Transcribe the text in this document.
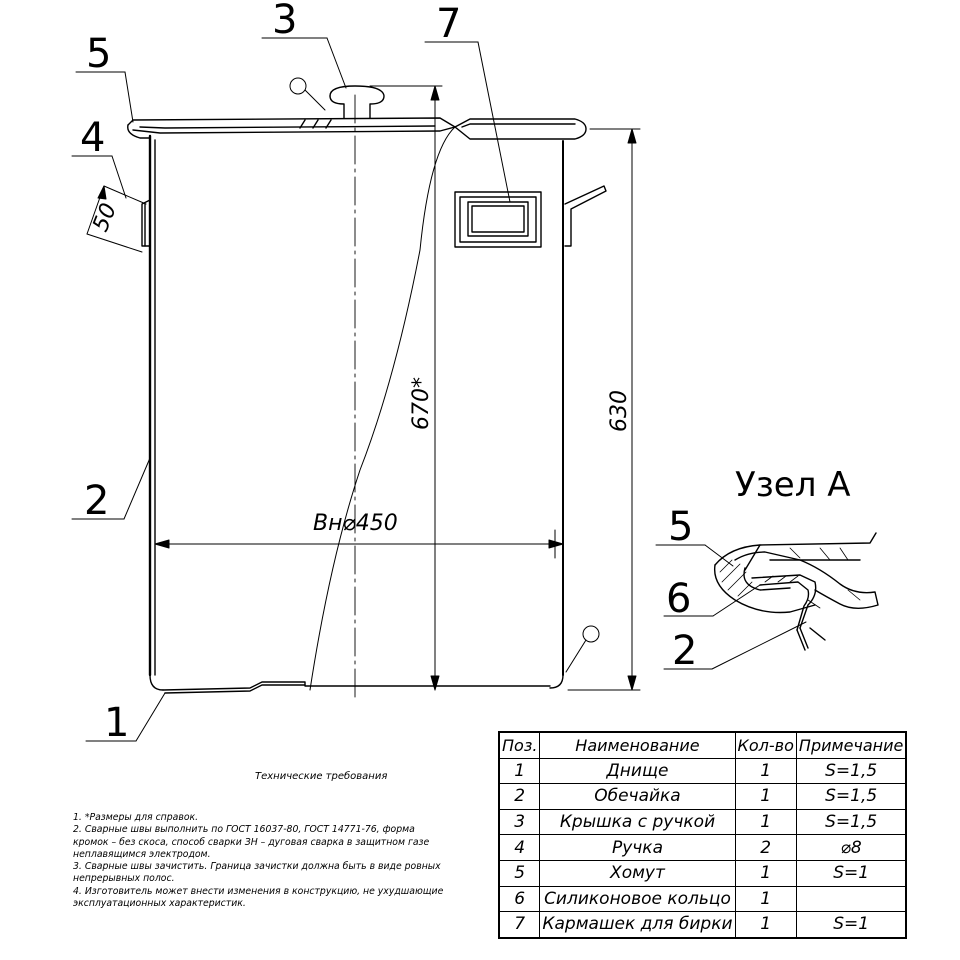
3	7
5
4
2
1
5
6
2
50
670*	630
Вн⌀450
Узел А
Технические требования
1. *Размеры для справок.
2. Сварные швы выполнить по ГОСТ 16037-80, ГОСТ 14771-76, форма
кромок – без скоса, способ сварки ЗН – дуговая сварка в защитном газе
неплавящимся электродом.
3. Сварные швы зачистить. Граница зачистки должна быть в виде ровных
непрерывных полос.
4. Изготовитель может внести изменения в конструкцию, не ухудшающие
эксплуатационных характеристик.
Поз.	Наименование	Кол-во	Примечание
1	Днище	1	S=1,5
2	Обечайка	1	S=1,5
3	Крышка с ручкой	1	S=1,5
4	Ручка	2	⌀8
5	Хомут	1	S=1
6	Силиконовое кольцо	1	
7	Кармашек для бирки	1	S=1
